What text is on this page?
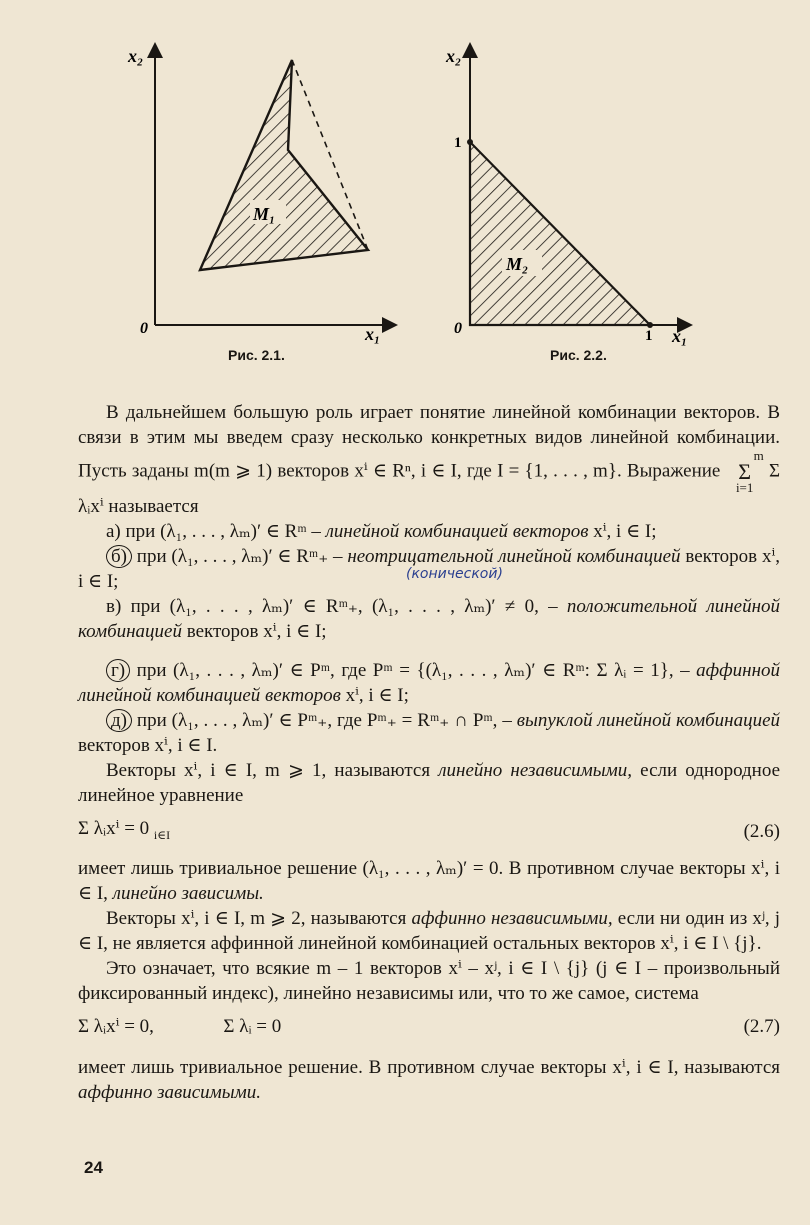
M₁
x₂
x₁
0
Рис. 2.1.
M₂
1
1
x₂
x₁
0
Рис. 2.2.

В дальнейшем большую роль играет понятие линейной комбинации векторов. В связи в этим мы введем сразу несколько конкретных видов линейной комбинации. Пусть заданы m(m ⩾ 1) векторов xⁱ ∈ Rⁿ, i ∈ I, где I = {1, . . . , m}. Выражение m
Σ
i=1 Σ λᵢxⁱ называется

а) при (λ₁, . . . , λₘ)′ ∈ Rᵐ – линейной комбинацией векторов xⁱ, i ∈ I;

б) при (λ₁, . . . , λₘ)′ ∈ Rᵐ₊ – неотрицательной линейной комбинацией векторов xⁱ, i ∈ I;	(конической)

в) при (λ₁, . . . , λₘ)′ ∈ Rᵐ₊, (λ₁, . . . , λₘ)′ ≠ 0, – положительной линейной комбинацией векторов xⁱ, i ∈ I;

г) при (λ₁, . . . , λₘ)′ ∈ Pᵐ, где Pᵐ = {(λ₁, . . . , λₘ)′ ∈ Rᵐ: Σ λᵢ = 1}, – аффинной линейной комбинацией векторов xⁱ, i ∈ I;

д) при (λ₁, . . . , λₘ)′ ∈ Pᵐ₊, где Pᵐ₊ = Rᵐ₊ ∩ Pᵐ, – выпуклой линейной комбинацией векторов xⁱ, i ∈ I.

Векторы xⁱ, i ∈ I, m ⩾ 1, называются линейно независимыми, если однородное линейное уравнение

Σ λᵢxⁱ = 0 $_{i\in I}$	(2.6)

имеет лишь тривиальное решение (λ₁, . . . , λₘ)′ = 0. В противном случае векторы xⁱ, i ∈ I, линейно зависимы.

Векторы xⁱ, i ∈ I, m ⩾ 2, называются аффинно независимыми, если ни один из xʲ, j ∈ I, не является аффинной линейной комбинацией остальных векторов xⁱ, i ∈ I \ {j}.

Это означает, что всякие m – 1 векторов xⁱ – xʲ, i ∈ I \ {j} (j ∈ I – произвольный фиксированный индекс), линейно независимы или, что то же самое, система

Σ λᵢxⁱ = 0,	Σ λᵢ = 0	(2.7)

имеет лишь тривиальное решение. В противном случае векторы xⁱ, i ∈ I, называются аффинно зависимыми.

24
